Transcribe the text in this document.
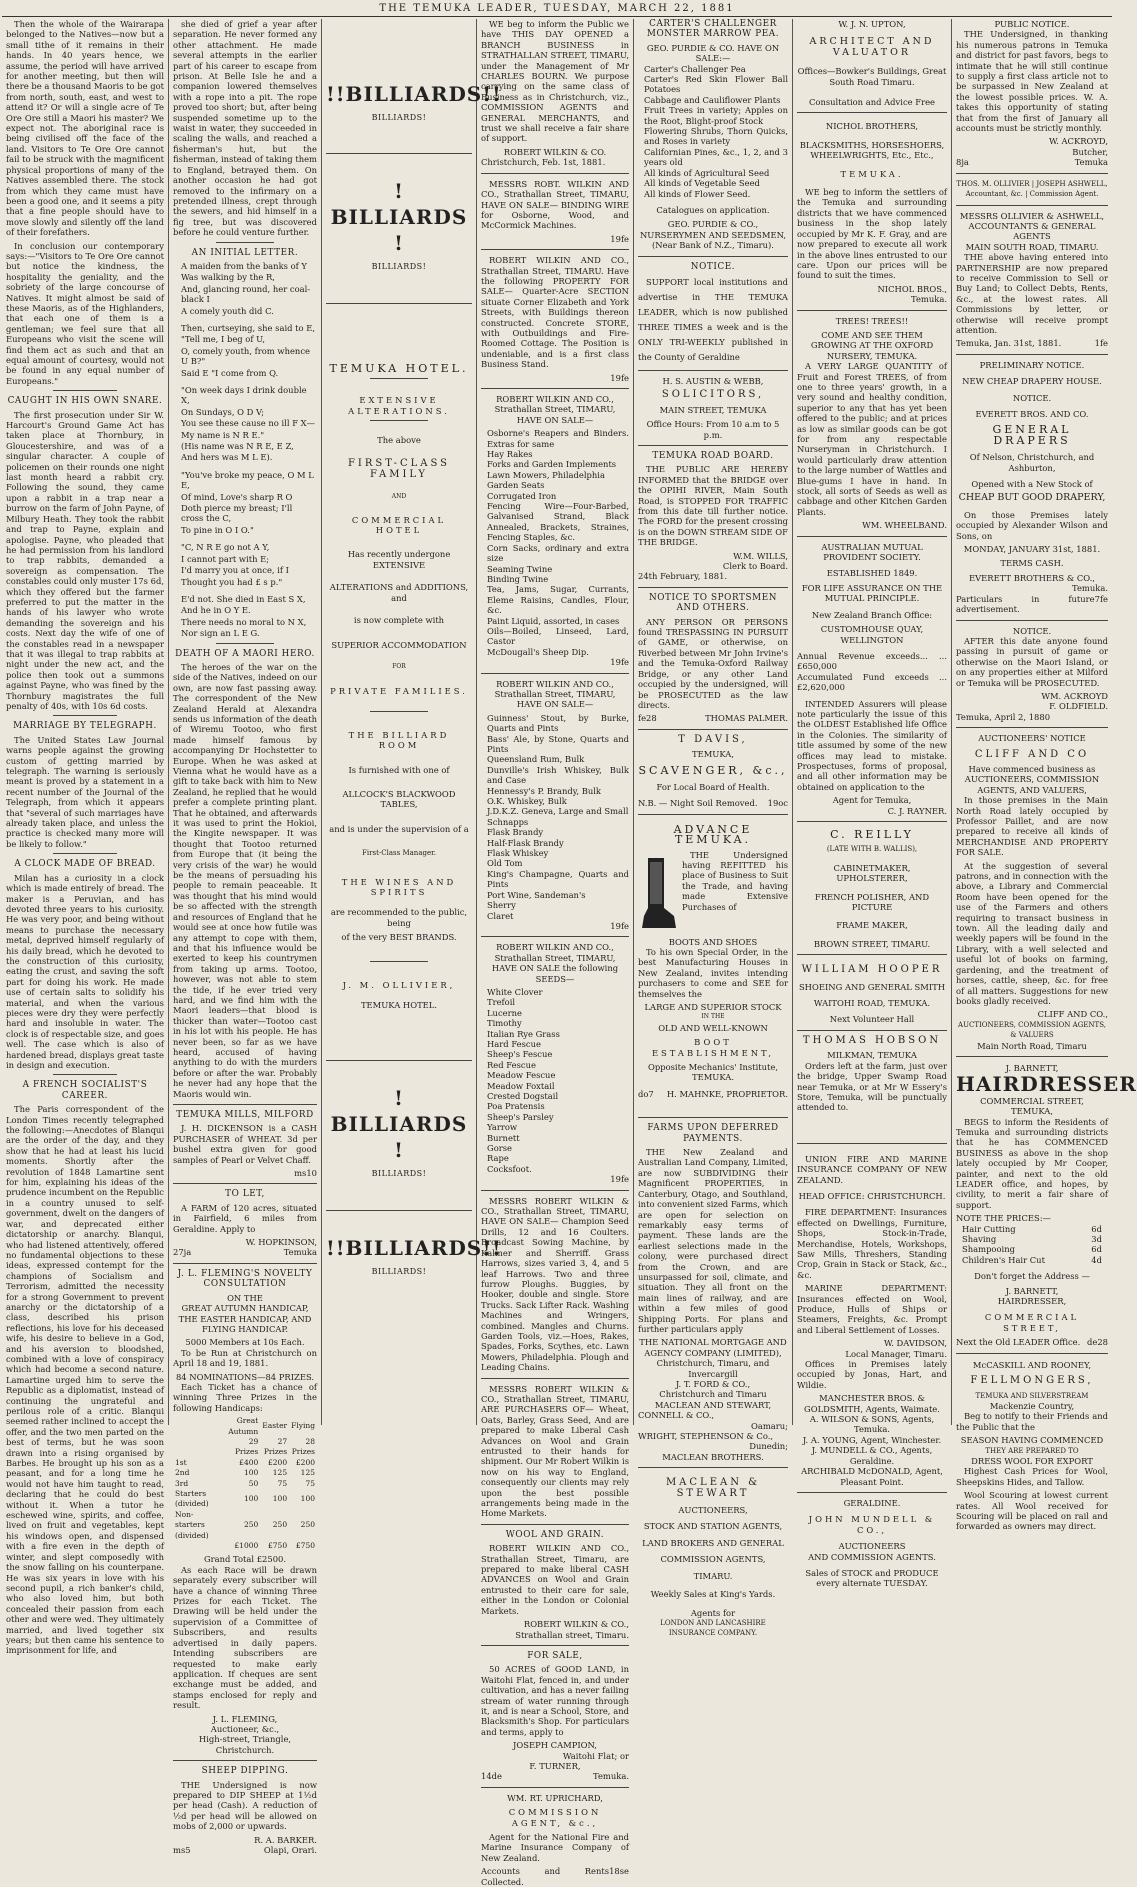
THE TEMUKA LEADER, TUESDAY, MARCH 22, 1881

Then the whole of the Wairarapa belonged to the Natives—now but a small tithe of it remains in their hands. In 40 years hence, we assume, the period will have arrived for another meeting, but then will there be a thousand Maoris to be got from north, south, east, and west to attend it? Or will a single acre of Te Ore Ore still a Maori his master? We expect not. The aboriginal race is being civilised off the face of the land. Visitors to Te Ore Ore cannot fail to be struck with the magnificent physical proportions of many of the Natives assembled there. The stock from which they came must have been a good one, and it seems a pity that a fine people should have to move slowly and silently off the land of their forefathers.

In conclusion our contemporary says:—"Visitors to Te Ore Ore cannot but notice the kindness, the hospitality the geniality, and the sobriety of the large concourse of Natives. It might almost be said of these Maoris, as of the Highlanders, that each one of them is a gentleman; we feel sure that all Europeans who visit the scene will find them act as such and that an equal amount of courtesy, would not be found in any equal number of Europeans."

CAUGHT IN HIS OWN SNARE.

The first prosecution under Sir W. Harcourt's Ground Game Act has taken place at Thornbury, in Gloucestershire, and was of a singular character. A couple of policemen on their rounds one night last month heard a rabbit cry. Following the sound, they came upon a rabbit in a trap near a burrow on the farm of John Payne, of Milbury Heath. They took the rabbit and trap to Payne, explain and apologise. Payne, who pleaded that he had permission from his landlord to trap rabbits, demanded a sovereign as compensation. The constables could only muster 17s 6d, which they offered but the farmer preferred to put the matter in the hands of his lawyer who wrote demanding the sovereign and his costs. Next day the wife of one of the constables read in a newspaper that it was illegal to trap rabbits at night under the new act, and the police then took out a summons against Payne, who was fined by the Thornbury magistrates the full penalty of 40s, with 10s 6d costs.

MARRIAGE BY TELEGRAPH.

The United States Law Journal warns people against the growing custom of getting married by telegraph. The warning is seriously meant is proved by a statement in a recent number of the Journal of the Telegraph, from which it appears that "several of such marriages have already taken place, and unless the practice is checked many more will be likely to follow."

A CLOCK MADE OF BREAD.

Milan has a curiosity in a clock which is made entirely of bread. The maker is a Peruvian, and has devoted three years to his curiosity. He was very poor, and being without means to purchase the necessary metal, deprived himself regularly of his daily bread, which he devoted to the construction of this curiosity, eating the crust, and saving the soft part for doing his work. He made use of certain salts to solidify his material, and when the various pieces were dry they were perfectly hard and insoluble in water. The clock is of respectable size, and goes well. The case which is also of hardened bread, displays great taste in design and execution.

A FRENCH SOCIALIST'S CAREER.

The Paris correspondent of the London Times recently telegraphed the following:—Anecdotes of Blanqui are the order of the day, and they show that he had at least his lucid moments. Shortly after the revolution of 1848 Lamartine sent for him, explaining his ideas of the prudence incumbent on the Republic in a country unused to self-government, dwelt on the dangers of war, and deprecated either dictatorship or anarchy. Blanqui, who had listened attentively, offered no fundamental objections to these ideas, expressed contempt for the champions of Socialism and Terrorism, admitted the necessity for a strong Government to prevent anarchy or the dictatorship of a class, described his prison reflections, his love for his deceased wife, his desire to believe in a God, and his aversion to bloodshed, combined with a love of conspiracy which had become a second nature. Lamartine urged him to serve the Republic as a diplomatist, instead of continuing the ungrateful and perilous role of a critic. Blanqui seemed rather inclined to accept the offer, and the two men parted on the best of terms, but he was soon drawn into a rising organised by Barbes. He brought up his son as a peasant, and for a long time he would not have him taught to read, declaring that he could do best without it. When a tutor he eschewed wine, spirits, and coffee, lived on fruit and vegetables, kept his windows open, and dispensed with a fire even in the depth of winter, and slept composedly with the snow falling on his counterpane. He was six years in love with his second pupil, a rich banker's child, who also loved him, but both concealed their passion from each other and were wed. They ultimately married, and lived together six years; but then came his sentence to imprisonment for life, and

she died of grief a year after separation. He never formed any other attachment. He made several attempts in the earlier part of his career to escape from prison. At Belle Isle he and a companion lowered themselves with a rope into a pit. The rope proved too short; but, after being suspended sometime up to the waist in water, they succeeded in scaling the walls, and reached a fisherman's hut, but the fisherman, instead of taking them to England, betrayed them. On another occasion he had got removed to the infirmary on a pretended illness, crept through the sewers, and hid himself in a fig tree, but was discovered before he could venture further.

AN INITIAL LETTER.
A maiden from the banks of Y
Was walking by the R,
And, glancing round, her coal-black I
A comely youth did C.
Then, curtseying, she said to E,
"Tell me, I beg of U,
O, comely youth, from whence U B?"
Said E "I come from Q.
"On week days I drink double X,
On Sundays, O D V;
You see these cause no ill F X—
My name is N R E."
(His name was N R E, E Z,
And hers was M L E).
"You've broke my peace, O M L E,
Of mind, Love's sharp R O
Doth pierce my breast; I'll cross the C,
To pine in O I O."
"C, N R E go not A Y,
I cannot part with E;
I'd marry you at once, if I
Thought you had £ s p."
E'd not. She died in East S X,
And he in O Y E.
There needs no moral to N X,
Nor sign an L E G.
DEATH OF A MAORI HERO.

The heroes of the war on the side of the Natives, indeed on our own, are now fast passing away. The correspondent of the New Zealand Herald at Alexandra sends us information of the death of Wiremu Tootoo, who first made himself famous by accompanying Dr Hochstetter to Europe. When he was asked at Vienna what he would have as a gift to take back with him to New Zealand, he replied that he would prefer a complete printing plant. That he obtained, and afterwards it was used to print the Hokioi, the Kingite newspaper. It was thought that Tootoo returned from Europe that (it being the very crisis of the war) he would be the means of persuading his people to remain peaceable. It was thought that his mind would be so affected with the strength and resources of England that he would see at once how futile was any attempt to cope with them, and that his influence would be exerted to keep his countrymen from taking up arms. Tootoo, however, was not able to stem the tide, if he ever tried very hard, and we find him with the Maori leaders—that blood is thicker than water—Tootoo cast in his lot with his people. He has never been, so far as we have heard, accused of having anything to do with the murders before or after the war. Probably he never had any hope that the Maoris would win.

TEMUKA MILLS, MILFORD

J. H. DICKENSON is a CASH PURCHASER of WHEAT. 3d per bushel extra given for good samples of Pearl or Velvet Chaff.

ms10
TO LET,

A FARM of 120 acres, situated in Fairfield, 6 miles from Geraldine. Apply to

W. HOPKINSON,
27ja	Temuka
J. L. FLEMING'S NOVELTY CONSULTATION
ON THE
GREAT AUTUMN HANDICAP, THE EASTER HANDICAP, AND FLYING HANDICAP.
5000 Members at 10s Each.

To be Run at Christchurch on April 18 and 19, 1881.

84 NOMINATIONS—84 PRIZES.

Each Ticket has a chance of winning Three Prizes in the following Handicaps:

	Great Autumn	Easter	Flying
	29	27	28
	Prizes	Prizes	Prizes
1st	£400	£200	£200
2nd	100	125	125
3rd	50	75	75
Starters (divided)	100	100	100
Non-starters (divided)	250	250	250
	£1000	£750	£750
Grand Total £2500.

As each Race will be drawn separately every subscriber will have a chance of winning Three Prizes for each Ticket. The Drawing will be held under the supervision of a Committee of Subscribers, and results advertised in daily papers. Intending subscribers are requested to make early application. If cheques are sent exchange must be added, and stamps enclosed for reply and result.

J. L. FLEMING,
Auctioneer, &c.,
High-street, Triangle, Christchurch.
SHEEP DIPPING.

THE Undersigned is now prepared to DIP SHEEP at 1½d per head (Cash). A reduction of ½d per head will be allowed on mobs of 2,000 or upwards.

R. A. BARKER.
ms5	Olapi, Orari.
!!BILLIARDS!!
BILLIARDS!
! BILLIARDS !
BILLIARDS!
TEMUKA HOTEL.
EXTENSIVE ALTERATIONS.
The above
FIRST-CLASS FAMILY
AND
COMMERCIAL HOTEL
Has recently undergone EXTENSIVE
ALTERATIONS and ADDITIONS, and
is now complete with
SUPERIOR ACCOMMODATION
FOR
PRIVATE FAMILIES.
THE BILLIARD ROOM
Is furnished with one of
ALLCOCK'S BLACKWOOD TABLES,
and is under the supervision of a
First-Class Manager.
THE WINES AND SPIRITS
are recommended to the public, being
of the very BEST BRANDS.
J. M. OLLIVIER,
TEMUKA HOTEL.
! BILLIARDS !
BILLIARDS!
!!BILLIARDS!!
BILLIARDS!

WE beg to inform the Public we have THIS DAY OPENED a BRANCH BUSINESS in STRATHALLAN STREET, TIMARU, under the Management of Mr CHARLES BOURN. We purpose carrying on the same class of Business as in Christchurch, viz., COMMISSION AGENTS and GENERAL MERCHANTS, and trust we shall receive a fair share of support.

ROBERT WILKIN & CO.
Christchurch, Feb. 1st, 1881.

MESSRS ROBT. WILKIN AND CO., Strathallan Street, TIMARU, HAVE ON SALE— BINDING WIRE for Osborne, Wood, and McCormick Machines.

19fe

ROBERT WILKIN AND CO., Strathallan Street, TIMARU. Have the following PROPERTY FOR SALE— Quarter-Acre SECTION situate Corner Elizabeth and York Streets, with Buildings thereon constructed. Concrete STORE, with Outbuildings and Fire-Roomed Cottage. The Position is undeniable, and is a first class Business Stand.

19fe

ROBERT WILKIN AND CO., Strathallan Street, TIMARU, HAVE ON SALE—

Osborne's Reapers and Binders. Extras for same
Hay Rakes
Forks and Garden Implements
Lawn Mowers, Philadelphia
Garden Seats
Corrugated Iron
Fencing Wire—Four-Barbed, Galvanised Strand, Black Annealed, Brackets, Straines, Fencing Staples, &c.
Corn Sacks, ordinary and extra size
Seaming Twine
Binding Twine
Tea, Jams, Sugar, Currants, Eleme Raisins, Candles, Flour, &c.
Paint Liquid, assorted, in cases
Oils—Boiled, Linseed, Lard, Castor
McDougall's Sheep Dip.
19fe

ROBERT WILKIN AND CO., Strathallan Street, TIMARU, HAVE ON SALE—

Guinness' Stout, by Burke, Quarts and Pints
Bass' Ale, by Stone, Quarts and Pints
Queensland Rum, Bulk
Dunville's Irish Whiskey, Bulk and Case
Hennessy's P. Brandy, Bulk
O.K. Whiskey, Bulk
J.D.K.Z. Geneva, Large and Small
Schnapps
Flask Brandy
Half-Flask Brandy
Flask Whiskey
Old Tom
King's Champagne, Quarts and Pints
Port Wine, Sandeman's
Sherry
Claret
19fe

ROBERT WILKIN AND CO., Strathallan Street, TIMARU, HAVE ON SALE the following SEEDS—

White Clover
Trefoil
Lucerne
Timothy
Italian Rye Grass
Hard Fescue
Sheep's Fescue
Red Fescue
Meadow Fescue
Meadow Foxtail
Crested Dogstail
Poa Pratensis
Sheep's Parsley
Yarrow
Burnett
Gorse
Rape
Cocksfoot.
19fe

MESSRS ROBERT WILKIN & CO., Strathallan Street, TIMARU, HAVE ON SALE— Champion Seed Drills, 12 and 16 Coulters. Broadcast Sowing Machine, by Kalmer and Sherriff. Grass Harrows, sizes varied 3, 4, and 5 leaf Harrows. Two and three furrow Ploughs. Buggies, by Hooker, double and single. Store Trucks. Sack Lifter Rack. Washing Machines and Wringers, combined. Mangles and Churns. Garden Tools, viz.—Hoes, Rakes, Spades, Forks, Scythes, etc. Lawn Mowers, Philadelphia. Plough and Leading Chains.

MESSRS ROBERT WILKIN & CO., Strathallan Street, TIMARU, ARE PURCHASERS OF— Wheat, Oats, Barley, Grass Seed, And are prepared to make Liberal Cash Advances on Wool and Grain entrusted to their hands for shipment. Our Mr Robert Wilkin is now on his way to England, consequently our clients may rely upon the best possible arrangements being made in the Home Markets.

WOOL AND GRAIN.

ROBERT WILKIN AND CO., Strathallan Street, Timaru, are prepared to make liberal CASH ADVANCES on Wool and Grain entrusted to their care for sale, either in the London or Colonial Markets.

ROBERT WILKIN & CO.,
Strathallan street, Timaru.
FOR SALE,

50 ACRES of GOOD LAND, in Waitohi Flat, fenced in, and under cultivation, and has a never failing stream of water running through it, and is near a School, Store, and Blacksmith's Shop. For particulars and terms, apply to

JOSEPH CAMPION,
Waitohi Flat; or
F. TURNER,
14de	Temuka.
WM. RT. UPRICHARD,
COMMISSION AGENT, &c.,

Agent for the National Fire and Marine Insurance Company of New Zealand.

Accounts and Rents Collected.
18se
CARTER'S CHALLENGER MONSTER MARROW PEA.
GEO. PURDIE & CO. HAVE ON SALE:—
Carter's Challenger Pea
Carter's Red Skin Flower Ball Potatoes
Cabbage and Cauliflower Plants
Fruit Trees in variety; Apples on the Root, Blight-proof Stock
Flowering Shrubs, Thorn Quicks, and Roses in variety
Californian Pines, &c., 1, 2, and 3 years old
All kinds of Agricultural Seed
All kinds of Vegetable Seed
All kinds of Flower Seed.
Catalogues on application.
GEO. PURDIE & CO.,
NURSERYMEN AND SEEDSMEN,
(Near Bank of N.Z., Timaru).
NOTICE.

SUPPORT local institutions and advertise in THE TEMUKA LEADER, which is now published THREE TIMES a week and is the ONLY TRI-WEEKLY published in the County of Geraldine

H. S. AUSTIN & WEBB,
SOLICITORS,
MAIN STREET, TEMUKA
Office Hours: From 10 a.m to 5 p.m.
TEMUKA ROAD BOARD.

THE PUBLIC ARE HEREBY INFORMED that the BRIDGE over the OPIHI RIVER, Main South Road, is STOPPED FOR TRAFFIC from this date till further notice. The FORD for the present crossing is on the DOWN STREAM SIDE OF THE BRIDGE.

W.M. WILLS,
Clerk to Board.
24th February, 1881.
NOTICE TO SPORTSMEN AND OTHERS.

ANY PERSON OR PERSONS found TRESPASSING IN PURSUIT of GAME, or otherwise, on Riverbed between Mr John Irvine's and the Temuka-Oxford Railway Bridge, or any other Land occupied by the undersigned, will be PROSECUTED as the law directs.

fe28	THOMAS PALMER.
T DAVIS,
TEMUKA,
SCAVENGER, &c.,
For Local Board of Health.
N.B. — Night Soil Removed. 19oc
ADVANCE TEMUKA.

THE Undersigned having REFITTED his place of Business to Suit the Trade, and having made Extensive Purchases of

BOOTS AND SHOES

To his own Special Order, in the best Manufacturing Houses in New Zealand, invites intending purchasers to come and SEE for themselves the

LARGE AND SUPERIOR STOCK
IN THE
OLD AND WELL-KNOWN
BOOT ESTABLISHMENT,
Opposite Mechanics' Institute,
TEMUKA.
do7 H. MAHNKE, PROPRIETOR.
FARMS UPON DEFERRED PAYMENTS.

THE New Zealand and Australian Land Company, Limited, are now SUBDIVIDING their Magnificent PROPERTIES, in Canterbury, Otago, and Southland, into convenient sized Farms, which are open for selection on remarkably easy terms of payment. These lands are the earliest selections made in the colony, were purchased direct from the Crown, and are unsurpassed for soil, climate, and situation. They all front on the main lines of railway, and are within a few miles of good Shipping Ports. For plans and further particulars apply

THE NATIONAL MORTGAGE AND AGENCY COMPANY (LIMITED),
Christchurch, Timaru, and Invercargill
J. T. FORD & CO.,
Christchurch and Timaru
MACLEAN AND STEWART,
CONNELL & CO.,
Oamaru;
WRIGHT, STEPHENSON & Co.,
Dunedin;
MACLEAN BROTHERS.
MACLEAN & STEWART
AUCTIONEERS,
STOCK AND STATION AGENTS,
LAND BROKERS AND GENERAL
COMMISSION AGENTS,
TIMARU.
Weekly Sales at King's Yards.
Agents for
LONDON AND LANCASHIRE INSURANCE COMPANY.
W. J. N. UPTON,
ARCHITECT AND VALUATOR
Offices—Bowker's Buildings, Great South Road Timaru.
Consultation and Advice Free
NICHOL BROTHERS,
BLACKSMITHS, HORSESHOERS, WHEELWRIGHTS, Etc., Etc.,
TEMUKA.

WE beg to inform the settlers of the Temuka and surrounding districts that we have commenced business in the shop lately occupied by Mr K. F. Gray, and are now prepared to execute all work in the above lines entrusted to our care. Upon our prices will be found to suit the times.

NICHOL BROS.,
Temuka.
TREES! TREES!!
COME AND SEE THEM GROWING AT THE OXFORD NURSERY, TEMUKA.

A VERY LARGE QUANTITY of Fruit and Forest TREES, of from one to three years' growth, in a very sound and healthy condition, superior to any that has yet been offered to the public; and at prices as low as similar goods can be got for from any respectable Nurseryman in Christchurch. I would particularly draw attention to the large number of Wattles and Blue-gums I have in hand. In stock, all sorts of Seeds as well as cabbage and other Kitchen Garden Plants.

WM. WHEELBAND.
AUSTRALIAN MUTUAL PROVIDENT SOCIETY.
ESTABLISHED 1849.
FOR LIFE ASSURANCE ON THE MUTUAL PRINCIPLE.
New Zealand Branch Office:
CUSTOMHOUSE QUAY, WELLINGTON
Annual Revenue exceeds... ... £650,000
Accumulated Fund exceeds ... £2,620,000

INTENDED Assurers will please note particularly the issue of this the OLDEST Established life Office in the Colonies. The similarity of title assumed by some of the new offices may lead to mistake. Prospectuses, forms of proposal, and all other information may be obtained on application to the

Agent for Temuka,
C. J. RAYNER.
C. REILLY
(LATE WITH B. WALLIS),
CABINETMAKER, UPHOLSTERER,
FRENCH POLISHER, AND PICTURE
FRAME MAKER,
BROWN STREET, TIMARU.
WILLIAM HOOPER
SHOEING AND GENERAL SMITH
WAITOHI ROAD, TEMUKA.
Next Volunteer Hall
THOMAS HOBSON
MILKMAN, TEMUKA

Orders left at the farm, just over the bridge, Upper Swamp Road near Temuka, or at Mr W Essery's Store, Temuka, will be punctually attended to.

UNION FIRE AND MARINE INSURANCE COMPANY OF NEW ZEALAND.

HEAD OFFICE: CHRISTCHURCH.

FIRE DEPARTMENT: Insurances effected on Dwellings, Furniture, Shops, Stock-in-Trade, Merchandise, Hotels, Workshops, Saw Mills, Threshers, Standing Crop, Grain in Stack or Stack, &c., &c.

MARINE DEPARTMENT: Insurances effected on Wool, Produce, Hulls of Ships or Steamers, Freights, &c. Prompt and Liberal Settlement of Losses.

W. DAVIDSON,
Local Manager, Timaru.

Offices in Premises lately occupied by Jonas, Hart, and Wildie.

MANCHESTER BROS. & GOLDSMITH, Agents, Waimate.
A. WILSON & SONS, Agents, Temuka.
J. A. YOUNG, Agent, Winchester.
J. MUNDELL & CO., Agents, Geraldine.
ARCHIBALD McDONALD, Agent, Pleasant Point.
GERALDINE.
JOHN MUNDELL & CO.,
AUCTIONEERS
AND COMMISSION AGENTS.
Sales of STOCK and PRODUCE every alternate TUESDAY.
PUBLIC NOTICE.

THE Undersigned, in thanking his numerous patrons in Temuka and district for past favors, begs to intimate that he will still continue to supply a first class article not to be surpassed in New Zealand at the lowest possible prices. W. A. takes this opportunity of stating that from the first of January all accounts must be strictly monthly.

W. ACKROYD,
Butcher,
8ja	Temuka
THOS. M. OLLIVIER | JOSEPH ASHWELL, Accountant, &c. | Commission Agent.
MESSRS OLLIVIER & ASHWELL,
ACCOUNTANTS & GENERAL AGENTS
MAIN SOUTH ROAD, TIMARU.

THE above having entered into PARTNERSHIP are now prepared to receive Commission to Sell or Buy Land; to Collect Debts, Rents, &c., at the lowest rates. All Commissions by letter, or otherwise will receive prompt attention.

Temuka, Jan. 31st, 1881.	1fe
PRELIMINARY NOTICE.
NEW CHEAP DRAPERY HOUSE.
NOTICE.
EVERETT BROS. AND CO.
GENERAL DRAPERS
Of Nelson, Christchurch, and Ashburton,
Opened with a New Stock of
CHEAP BUT GOOD DRAPERY,

On those Premises lately occupied by Alexander Wilson and Sons, on

MONDAY, JANUARY 31st, 1881.
TERMS CASH.
EVERETT BROTHERS & CO.,
Temuka.
Particulars in future advertisement.
7fe
NOTICE.

AFTER this date anyone found passing in pursuit of game or otherwise on the Maori Island, or on any properties either at Milford or Temuka will be PROSECUTED.

WM. ACKROYD
F. OLDFIELD.
Temuka, April 2, 1880
AUCTIONEERS' NOTICE
CLIFF AND CO
Have commenced business as AUCTIONEERS, COMMISSION AGENTS, AND VALUERS,

In those premises in the Main North Road lately occupied by Professor Paillet, and are now prepared to receive all kinds of MERCHANDISE AND PROPERTY FOR SALE.

At the suggestion of several patrons, and in connection with the above, a Library and Commercial Room have been opened for the use of the Farmers and others requiring to transact business in town. All the leading daily and weekly papers will be found in the Library, with a well selected and useful lot of books on farming, gardening, and the treatment of horses, cattle, sheep, &c. for free of all matters. Suggestions for new books gladly received.

CLIFF AND CO.,
AUCTIONEERS, COMMISSION AGENTS, & VALUERS
Main North Road, Timaru
J. BARNETT,
HAIRDRESSER
COMMERCIAL STREET,
TEMUKA,

BEGS to inform the Residents of Temuka and surrounding districts that he has COMMENCED BUSINESS as above in the shop lately occupied by Mr Cooper, painter, and next to the old LEADER office, and hopes, by civility, to merit a fair share of support.

NOTE THE PRICES:—
Hair Cutting	6d
Shaving	3d
Shampooing	6d
Children's Hair Cut	4d
Don't forget the Address —
J. BARNETT,
HAIRDRESSER,
COMMERCIAL STREET,
Next the Old LEADER Office. de28
McCASKILL AND ROONEY,
FELLMONGERS,
TEMUKA AND SILVERSTREAM
Mackenzie Country,

Beg to notify to their Friends and the Public that the

SEASON HAVING COMMENCED
THEY ARE PREPARED TO
DRESS WOOL FOR EXPORT

Highest Cash Prices for Wool, Sheepskins Hides, and Tallow.

Wool Scouring at lowest current rates. All Wool received for Scouring will be placed on rail and forwarded as owners may direct.
